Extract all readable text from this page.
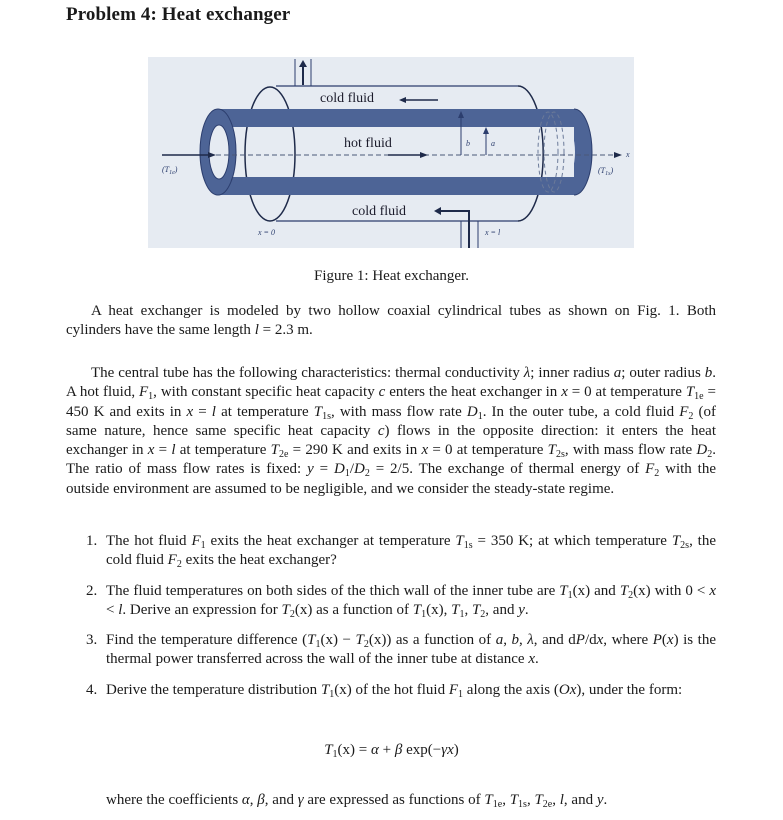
Problem 4: Heat exchanger
cold fluid
hot fluid
cold fluid
b	a
x
x = 0	x = l
$(T_{1e})$	$(T_{1s})$
Figure 1: Heat exchanger.
A heat exchanger is modeled by two hollow coaxial cylindrical tubes as shown on Fig. 1. Both cylinders have the same length l = 2.3 m.
The central tube has the following characteristics: thermal conductivity λ; inner radius a; outer radius b. A hot fluid, $F_1$, with constant specific heat capacity c enters the heat exchanger in x = 0 at temperature $T_{1e} = 450$ K and exits in x = l at temperature $T_{1s}$, with mass flow rate $D_1$. In the outer tube, a cold fluid $F_2$ (of same nature, hence same specific heat capacity c) flows in the opposite direction: it enters the heat exchanger in x = l at temperature $T_{2e} = 290$ K and exits in x = 0 at temperature $T_{2s}$, with mass flow rate $D_2$. The ratio of mass flow rates is fixed: $y = D_1/D_2 = 2/5$. The exchange of thermal energy of $F_2$ with the outside environment are assumed to be negligible, and we consider the steady-state regime.
1. The hot fluid $F_1$ exits the heat exchanger at temperature $T_{1s} = 350$ K; at which temperature $T_{2s}$, the cold fluid $F_2$ exits the heat exchanger?
2. The fluid temperatures on both sides of the thich wall of the inner tube are $T_1(x)$ and $T_2(x)$ with 0 < x < l. Derive an expression for $T_2(x)$ as a function of $T_1(x)$, $T_1$, $T_2$, and y.
3. Find the temperature difference $(T_1(x) - T_2(x))$ as a function of a, b, λ, and dP/dx, where P(x) is the thermal power transferred across the wall of the inner tube at distance x.
4. Derive the temperature distribution $T_1(x)$ of the hot fluid $F_1$ along the axis (Ox), under the form:
$T_1(x) = \alpha + \beta$ exp(−γx)
where the coefficients α, β, and γ are expressed as functions of $T_{1e}$, $T_{1s}$, $T_{2e}$, l, and y.
